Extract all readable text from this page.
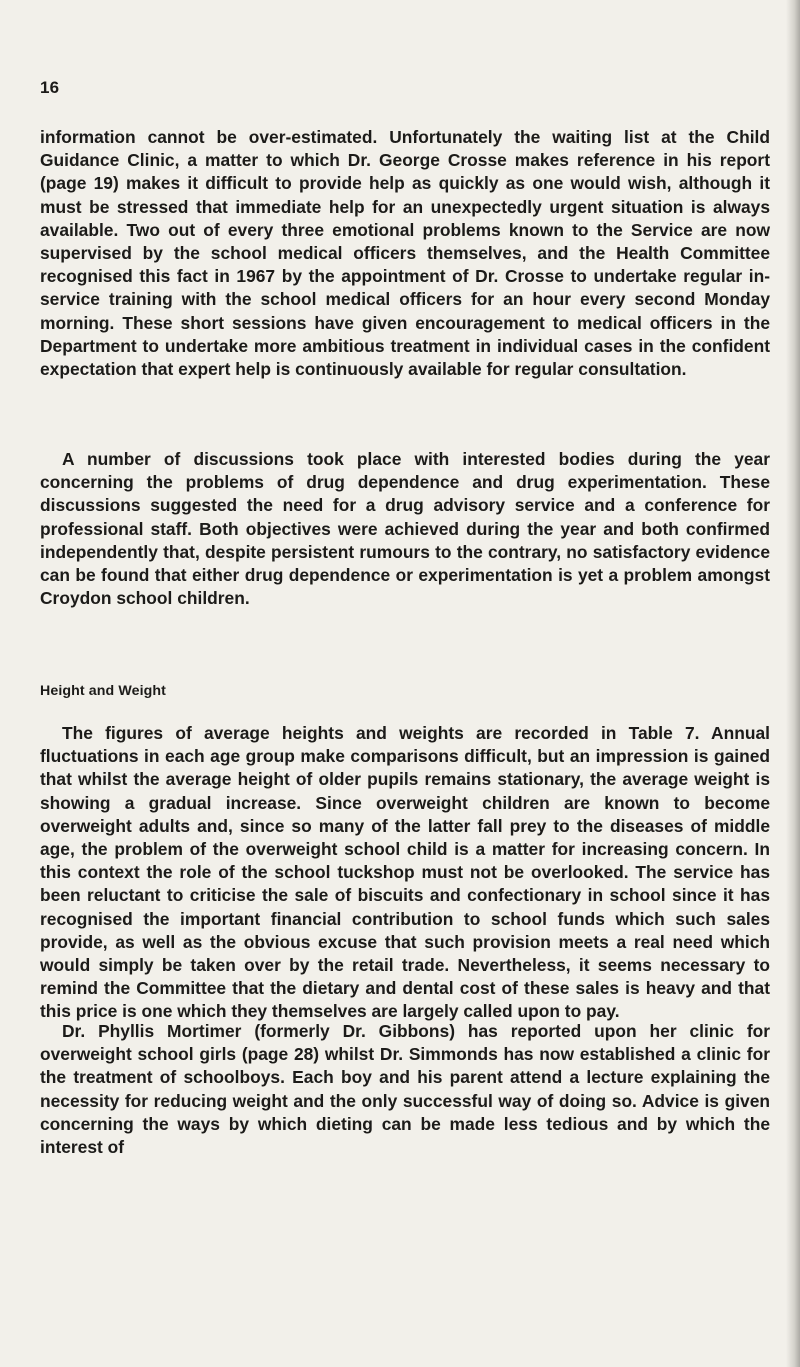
16

information cannot be over-estimated. Unfortunately the waiting list at the Child Guidance Clinic, a matter to which Dr. George Crosse makes reference in his report (page 19) makes it difficult to provide help as quickly as one would wish, although it must be stressed that immediate help for an unexpectedly urgent situation is always available. Two out of every three emotional problems known to the Service are now supervised by the school medical officers themselves, and the Health Committee recognised this fact in 1967 by the appointment of Dr. Crosse to undertake regular in-service training with the school medical officers for an hour every second Monday morning. These short sessions have given encouragement to medical officers in the Department to undertake more ambitious treatment in individual cases in the confident expectation that expert help is continuously available for regular consultation.

A number of discussions took place with interested bodies during the year concerning the problems of drug dependence and drug experimentation. These discussions suggested the need for a drug advisory service and a conference for professional staff. Both objectives were achieved during the year and both confirmed independently that, despite persistent rumours to the contrary, no satisfactory evidence can be found that either drug dependence or experimentation is yet a problem amongst Croydon school children.

Height and Weight

The figures of average heights and weights are recorded in Table 7. Annual fluctuations in each age group make comparisons difficult, but an impression is gained that whilst the average height of older pupils remains stationary, the average weight is showing a gradual increase. Since overweight children are known to become overweight adults and, since so many of the latter fall prey to the diseases of middle age, the problem of the overweight school child is a matter for increasing concern. In this context the role of the school tuckshop must not be overlooked. The service has been reluctant to criticise the sale of biscuits and confectionary in school since it has recognised the important financial contribution to school funds which such sales provide, as well as the obvious excuse that such provision meets a real need which would simply be taken over by the retail trade. Nevertheless, it seems necessary to remind the Committee that the dietary and dental cost of these sales is heavy and that this price is one which they themselves are largely called upon to pay.

Dr. Phyllis Mortimer (formerly Dr. Gibbons) has reported upon her clinic for overweight school girls (page 28) whilst Dr. Simmonds has now established a clinic for the treatment of schoolboys. Each boy and his parent attend a lecture explaining the necessity for reducing weight and the only successful way of doing so. Advice is given concerning the ways by which dieting can be made less tedious and by which the interest of
